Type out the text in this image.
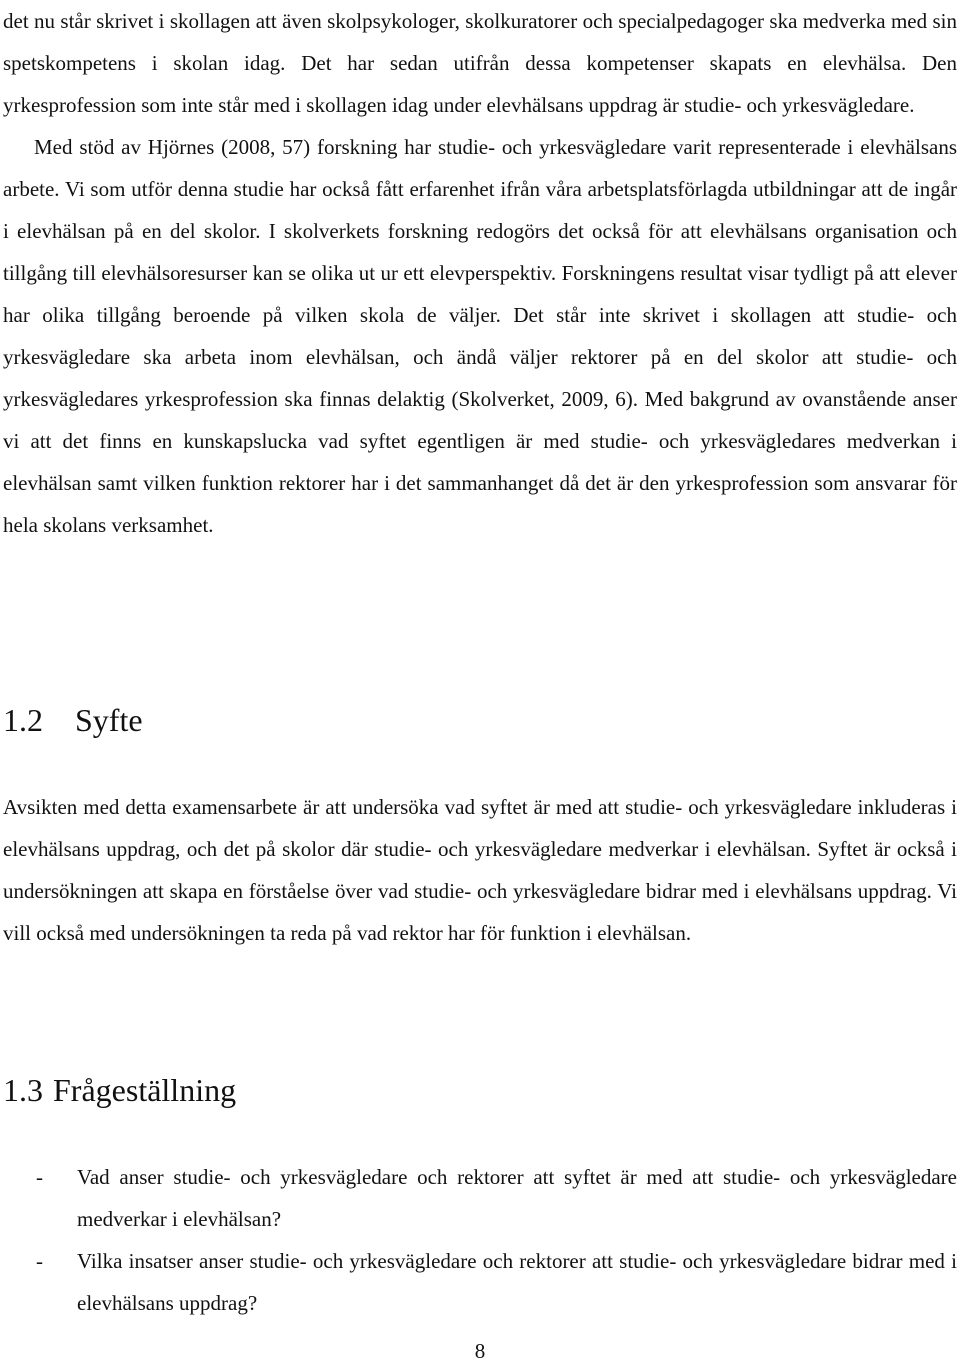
det nu står skrivet i skollagen att även skolpsykologer, skolkuratorer och specialpedagoger ska medverka med sin spetskompetens i skolan idag. Det har sedan utifrån dessa kompetenser skapats en elevhälsa. Den yrkesprofession som inte står med i skollagen idag under elevhälsans uppdrag är studie- och yrkesvägledare.
Med stöd av Hjörnes (2008, 57) forskning har studie- och yrkesvägledare varit representerade i elevhälsans arbete. Vi som utför denna studie har också fått erfarenhet ifrån våra arbetsplatsförlagda utbildningar att de ingår i elevhälsan på en del skolor. I skolverkets forskning redogörs det också för att elevhälsans organisation och tillgång till elevhälsoresurser kan se olika ut ur ett elevperspektiv. Forskningens resultat visar tydligt på att elever har olika tillgång beroende på vilken skola de väljer. Det står inte skrivet i skollagen att studie- och yrkesvägledare ska arbeta inom elevhälsan, och ändå väljer rektorer på en del skolor att studie- och yrkesvägledares yrkesprofession ska finnas delaktig (Skolverket, 2009, 6). Med bakgrund av ovanstående anser vi att det finns en kunskapslucka vad syftet egentligen är med studie- och yrkesvägledares medverkan i elevhälsan samt vilken funktion rektorer har i det sammanhanget då det är den yrkesprofession som ansvarar för hela skolans verksamhet.

1.2 Syfte

Avsikten med detta examensarbete är att undersöka vad syftet är med att studie- och yrkesvägledare inkluderas i elevhälsans uppdrag, och det på skolor där studie- och yrkesvägledare medverkar i elevhälsan. Syftet är också i undersökningen att skapa en förståelse över vad studie- och yrkesvägledare bidrar med i elevhälsans uppdrag. Vi vill också med undersökningen ta reda på vad rektor har för funktion i elevhälsan.

1.3 Frågeställning
- Vad anser studie- och yrkesvägledare och rektorer att syftet är med att studie- och yrkesvägledare medverkar i elevhälsan?
- Vilka insatser anser studie- och yrkesvägledare och rektorer att studie- och yrkesvägledare bidrar med i elevhälsans uppdrag?
8
